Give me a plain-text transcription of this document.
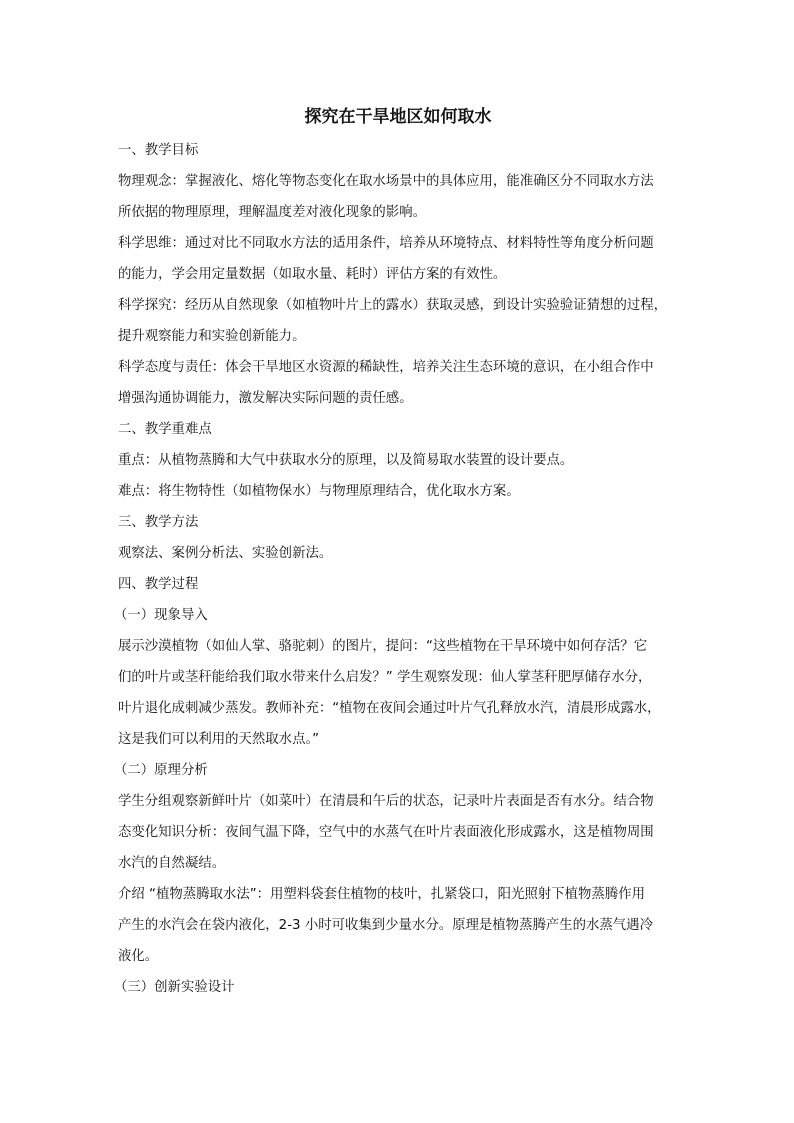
探究在干旱地区如何取水

一、教学目标

物理观念：掌握液化、熔化等物态变化在取水场景中的具体应用，能准确区分不同取水方法
所依据的物理原理，理解温度差对液化现象的影响。

科学思维：通过对比不同取水方法的适用条件，培养从环境特点、材料特性等角度分析问题
的能力，学会用定量数据（如取水量、耗时）评估方案的有效性。

科学探究：经历从自然现象（如植物叶片上的露水）获取灵感，到设计实验验证猜想的过程，
提升观察能力和实验创新能力。

科学态度与责任：体会干旱地区水资源的稀缺性，培养关注生态环境的意识，在小组合作中
增强沟通协调能力，激发解决实际问题的责任感。

二、教学重难点

重点：从植物蒸腾和大气中获取水分的原理，以及简易取水装置的设计要点。

难点：将生物特性（如植物保水）与物理原理结合，优化取水方案。

三、教学方法

观察法、案例分析法、实验创新法。

四、教学过程

（一）现象导入

展示沙漠植物（如仙人掌、骆驼刺）的图片，提问：“这些植物在干旱环境中如何存活？它
们的叶片或茎秆能给我们取水带来什么启发？” 学生观察发现：仙人掌茎秆肥厚储存水分，
叶片退化成刺减少蒸发。教师补充：“植物在夜间会通过叶片气孔释放水汽，清晨形成露水，
这是我们可以利用的天然取水点。”

（二）原理分析

学生分组观察新鲜叶片（如菜叶）在清晨和午后的状态，记录叶片表面是否有水分。结合物
态变化知识分析：夜间气温下降，空气中的水蒸气在叶片表面液化形成露水，这是植物周围
水汽的自然凝结。

介绍 “植物蒸腾取水法”：用塑料袋套住植物的枝叶，扎紧袋口，阳光照射下植物蒸腾作用
产生的水汽会在袋内液化，2-3 小时可收集到少量水分。原理是植物蒸腾产生的水蒸气遇冷
液化。

（三）创新实验设计
